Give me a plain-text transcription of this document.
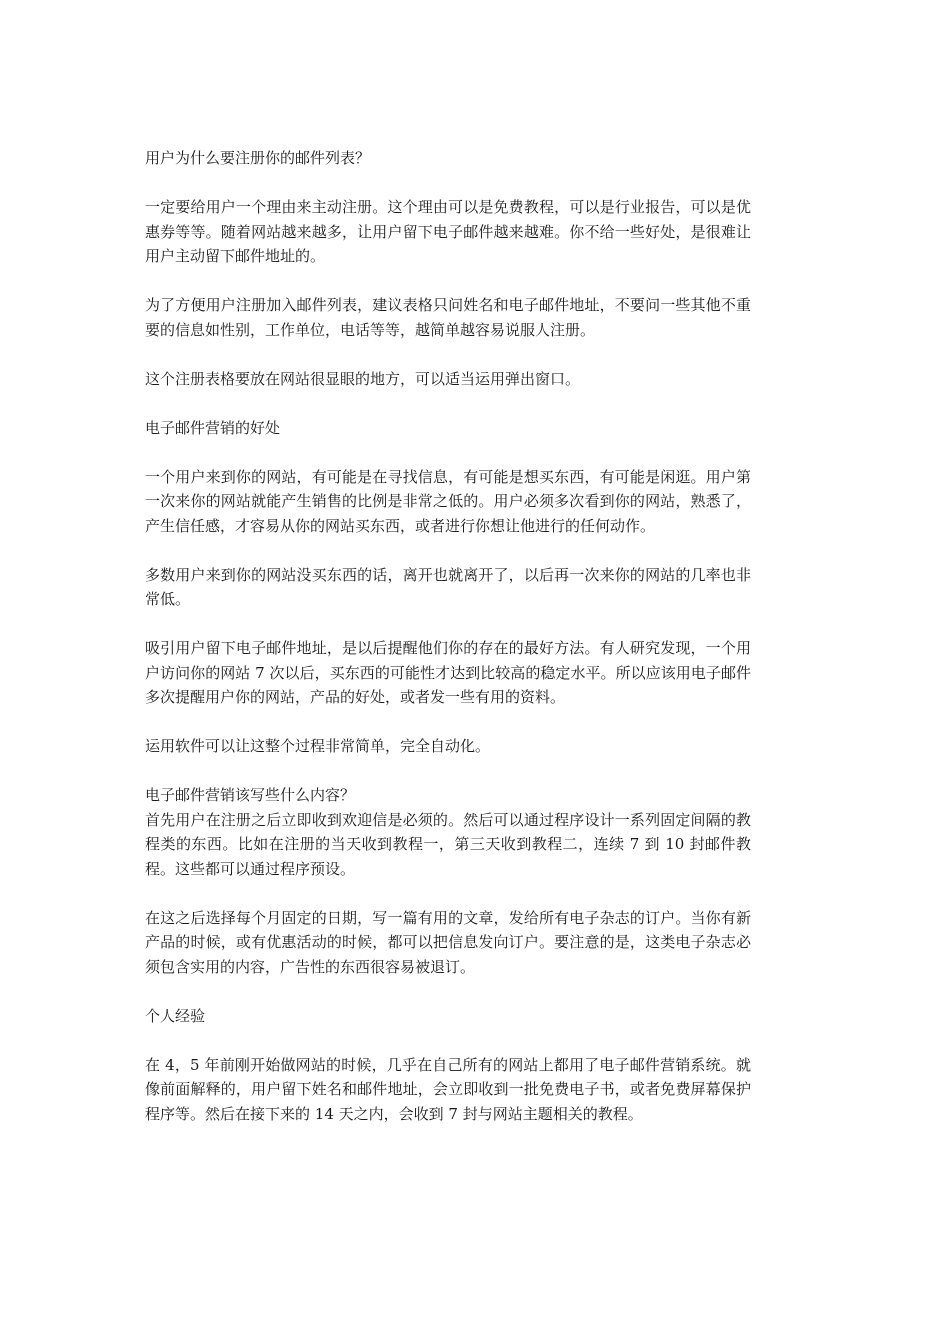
用户为什么要注册你的邮件列表？
一定要给用户一个理由来主动注册。这个理由可以是免费教程，可以是行业报告，可以是优惠券等等。随着网站越来越多，让用户留下电子邮件越来越难。你不给一些好处，是很难让用户主动留下邮件地址的。
为了方便用户注册加入邮件列表，建议表格只问姓名和电子邮件地址，不要问一些其他不重要的信息如性别，工作单位，电话等等，越简单越容易说服人注册。
这个注册表格要放在网站很显眼的地方，可以适当运用弹出窗口。
电子邮件营销的好处
一个用户来到你的网站，有可能是在寻找信息，有可能是想买东西，有可能是闲逛。用户第一次来你的网站就能产生销售的比例是非常之低的。用户必须多次看到你的网站，熟悉了，产生信任感，才容易从你的网站买东西，或者进行你想让他进行的任何动作。
多数用户来到你的网站没买东西的话，离开也就离开了，以后再一次来你的网站的几率也非常低。
吸引用户留下电子邮件地址，是以后提醒他们你的存在的最好方法。有人研究发现，一个用户访问你的网站 7 次以后，买东西的可能性才达到比较高的稳定水平。所以应该用电子邮件多次提醒用户你的网站，产品的好处，或者发一些有用的资料。
运用软件可以让这整个过程非常简单，完全自动化。
电子邮件营销该写些什么内容？
首先用户在注册之后立即收到欢迎信是必须的。然后可以通过程序设计一系列固定间隔的教程类的东西。比如在注册的当天收到教程一，第三天收到教程二，连续 7 到 10 封邮件教程。这些都可以通过程序预设。
在这之后选择每个月固定的日期，写一篇有用的文章，发给所有电子杂志的订户。当你有新产品的时候，或有优惠活动的时候，都可以把信息发向订户。要注意的是，这类电子杂志必须包含实用的内容，广告性的东西很容易被退订。
个人经验
在 4，5 年前刚开始做网站的时候，几乎在自己所有的网站上都用了电子邮件营销系统。就像前面解释的，用户留下姓名和邮件地址，会立即收到一批免费电子书，或者免费屏幕保护程序等。然后在接下来的 14 天之内，会收到 7 封与网站主题相关的教程。
